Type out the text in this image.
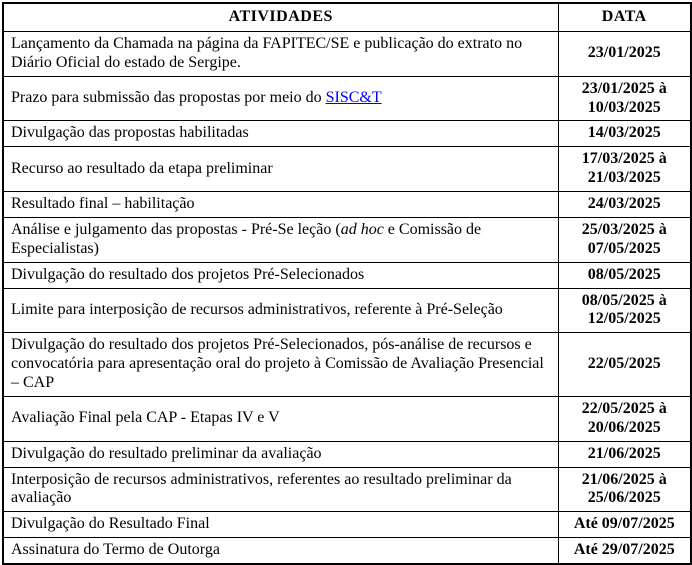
ATIVIDADES	DATA
Lançamento da Chamada na página da FAPITEC/SE e publicação do extrato no Diário Oficial do estado de Sergipe.	23/01/2025
Prazo para submissão das propostas por meio do SISC&T	23/01/2025 à 10/03/2025
Divulgação das propostas habilitadas	14/03/2025
Recurso ao resultado da etapa preliminar	17/03/2025 à 21/03/2025
Resultado final – habilitação	24/03/2025
Análise e julgamento das propostas - Pré-Se leção (ad hoc e Comissão de Especialistas)	25/03/2025 à 07/05/2025
Divulgação do resultado dos projetos Pré-Selecionados	08/05/2025
Limite para interposição de recursos administrativos, referente à Pré-Seleção	08/05/2025 à 12/05/2025
Divulgação do resultado dos projetos Pré-Selecionados, pós-análise de recursos e convocatória para apresentação oral do projeto à Comissão de Avaliação Presencial – CAP	22/05/2025
Avaliação Final pela CAP - Etapas IV e V	22/05/2025 à 20/06/2025
Divulgação do resultado preliminar da avaliação	21/06/2025
Interposição de recursos administrativos, referentes ao resultado preliminar da avaliação	21/06/2025 à 25/06/2025
Divulgação do Resultado Final	Até 09/07/2025
Assinatura do Termo de Outorga	Até 29/07/2025
